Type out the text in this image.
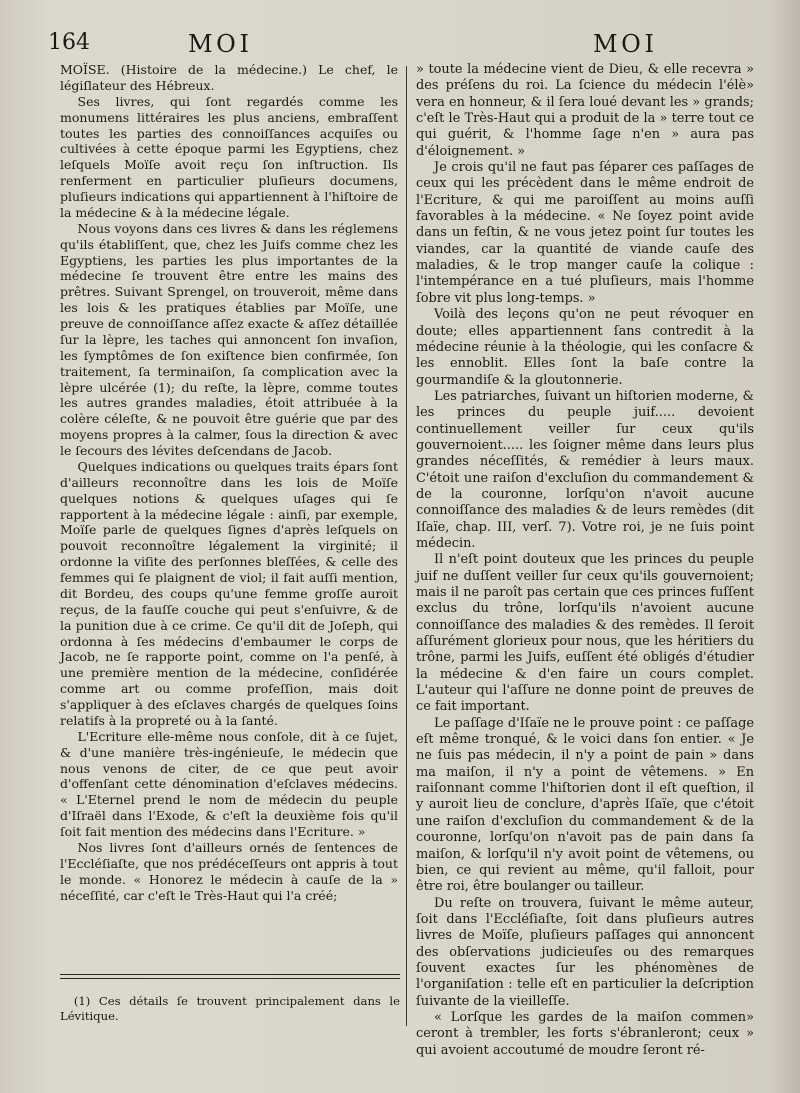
164	MOI	MOI

MOÏSE. (Histoire de la médecine.) Le chef, le légiſlateur des Hébreux.

Ses livres, qui ſont regardés comme les monumens littéraires les plus anciens, embraſſent toutes les parties des connoiſſances acquiſes ou cultivées à cette époque parmi les Egyptiens, chez leſquels Moïſe avoit reçu ſon inſtruction. Ils renferment en particulier pluſieurs documens, pluſieurs indications qui appartiennent à l'hiſtoire de la médecine & à la médecine légale.

Nous voyons dans ces livres & dans les réglemens qu'ils établiſſent, que, chez les Juifs comme chez les Egyptiens, les parties les plus importantes de la médecine ſe trouvent être entre les mains des prêtres. Suivant Sprengel, on trouveroit, même dans les lois & les pratiques établies par Moïſe, une preuve de connoiſſance aſſez exacte & aſſez détaillée ſur la lèpre, les taches qui annoncent ſon invaſion, les ſymptômes de ſon exiſtence bien confirmée, ſon traitement, ſa terminaiſon, ſa complication avec la lèpre ulcérée (1); du reſte, la lèpre, comme toutes les autres grandes maladies, étoit attribuée à la colère céleſte, & ne pouvoit être guérie que par des moyens propres à la calmer, ſous la direction & avec le ſecours des lévites deſcendans de Jacob.

Quelques indications ou quelques traits épars ſont d'ailleurs reconnoître dans les lois de Moïſe quelques notions & quelques uſages qui ſe rapportent à la médecine légale : ainſi, par exemple, Moïſe parle de quelques ſignes d'après leſquels on pouvoit reconnoître légalement la virginité; il ordonne la viſite des perſonnes bleſſées, & celle des femmes qui ſe plaignent de viol; il fait auſſi mention, dit Bordeu, des coups qu'une femme groſſe auroit reçus, de la fauſſe couche qui peut s'enſuivre, & de la punition due à ce crime. Ce qu'il dit de Joſeph, qui ordonna à ſes médecins d'embaumer le corps de Jacob, ne ſe rapporte point, comme on l'a penſé, à une première mention de la médecine, conſidérée comme art ou comme profeſſion, mais doit s'appliquer à des eſclaves chargés de quelques ſoins relatifs à la propreté ou à la ſanté.

L'Ecriture elle-même nous conſole, dit à ce ſujet, & d'une manière très-ingénieuſe, le médecin que nous venons de citer, de ce que peut avoir d'offenſant cette dénomination d'eſclaves médecins. « L'Eternel prend le nom de médecin du peuple d'Iſraël dans l'Exode, & c'eſt la deuxième fois qu'il ſoit fait mention des médecins dans l'Ecriture. »

Nos livres ſont d'ailleurs ornés de ſentences de l'Eccléſiaſte, que nos prédéceſſeurs ont appris à tout le monde. « Honorez le médecin à cauſe de la » néceſſité, car c'eſt le Très-Haut qui l'a créé;

» toute la médecine vient de Dieu, & elle recevra » des préſens du roi. La ſcience du médecin l'élè» vera en honneur, & il ſera loué devant les » grands; c'eſt le Très-Haut qui a produit de la » terre tout ce qui guérit, & l'homme ſage n'en » aura pas d'éloignement. »

Je crois qu'il ne faut pas ſéparer ces paſſages de ceux qui les précèdent dans le même endroit de l'Ecriture, & qui me paroiſſent au moins auſſi favorables à la médecine. « Ne ſoyez point avide dans un feſtin, & ne vous jetez point ſur toutes les viandes, car la quantité de viande cauſe des maladies, & le trop manger cauſe la colique : l'intempérance en a tué pluſieurs, mais l'homme ſobre vit plus long-temps. »

Voilà des leçons qu'on ne peut révoquer en doute; elles appartiennent ſans contredit à la médecine réunie à la théologie, qui les conſacre & les ennoblit. Elles ſont la baſe contre la gourmandiſe & la gloutonnerie.

Les patriarches, ſuivant un hiſtorien moderne, & les princes du peuple juif..... devoient continuellement veiller ſur ceux qu'ils gouvernoient..... les ſoigner même dans leurs plus grandes néceſſités, & remédier à leurs maux. C'étoit une raiſon d'excluſion du commandement & de la couronne, lorſqu'on n'avoit aucune connoiſſance des maladies & de leurs remèdes (dit Iſaïe, chap. III, verſ. 7). Votre roi, je ne ſuis point médecin.

Il n'eſt point douteux que les princes du peuple juif ne duſſent veiller ſur ceux qu'ils gouvernoient; mais il ne paroît pas certain que ces princes fuſſent exclus du trône, lorſqu'ils n'avoient aucune connoiſſance des maladies & des remèdes. Il ſeroit aſſurément glorieux pour nous, que les héritiers du trône, parmi les Juifs, euſſent été obligés d'étudier la médecine & d'en faire un cours complet. L'auteur qui l'aſſure ne donne point de preuves de ce fait important.

Le paſſage d'Iſaïe ne le prouve point : ce paſſage eſt même tronqué, & le voici dans ſon entier. « Je ne ſuis pas médecin, il n'y a point de pain » dans ma maiſon, il n'y a point de vêtemens. » En raiſonnant comme l'hiſtorien dont il eſt queſtion, il y auroit lieu de conclure, d'après Iſaïe, que c'étoit une raiſon d'excluſion du commandement & de la couronne, lorſqu'on n'avoit pas de pain dans ſa maiſon, & lorſqu'il n'y avoit point de vêtemens, ou bien, ce qui revient au même, qu'il falloit, pour être roi, être boulanger ou tailleur.

Du reſte on trouvera, ſuivant le même auteur, ſoit dans l'Eccléſiaſte, ſoit dans pluſieurs autres livres de Moïſe, pluſieurs paſſages qui annoncent des obſervations judicieuſes ou des remarques ſouvent exactes ſur les phénomènes de l'organiſation : telle eſt en particulier la deſcription ſuivante de la vieilleſſe.

« Lorſque les gardes de la maiſon commen» ceront à trembler, les forts s'ébranleront; ceux » qui avoient accoutumé de moudre ſeront ré-

(1) Ces détails ſe trouvent principalement dans le Lévitique.
